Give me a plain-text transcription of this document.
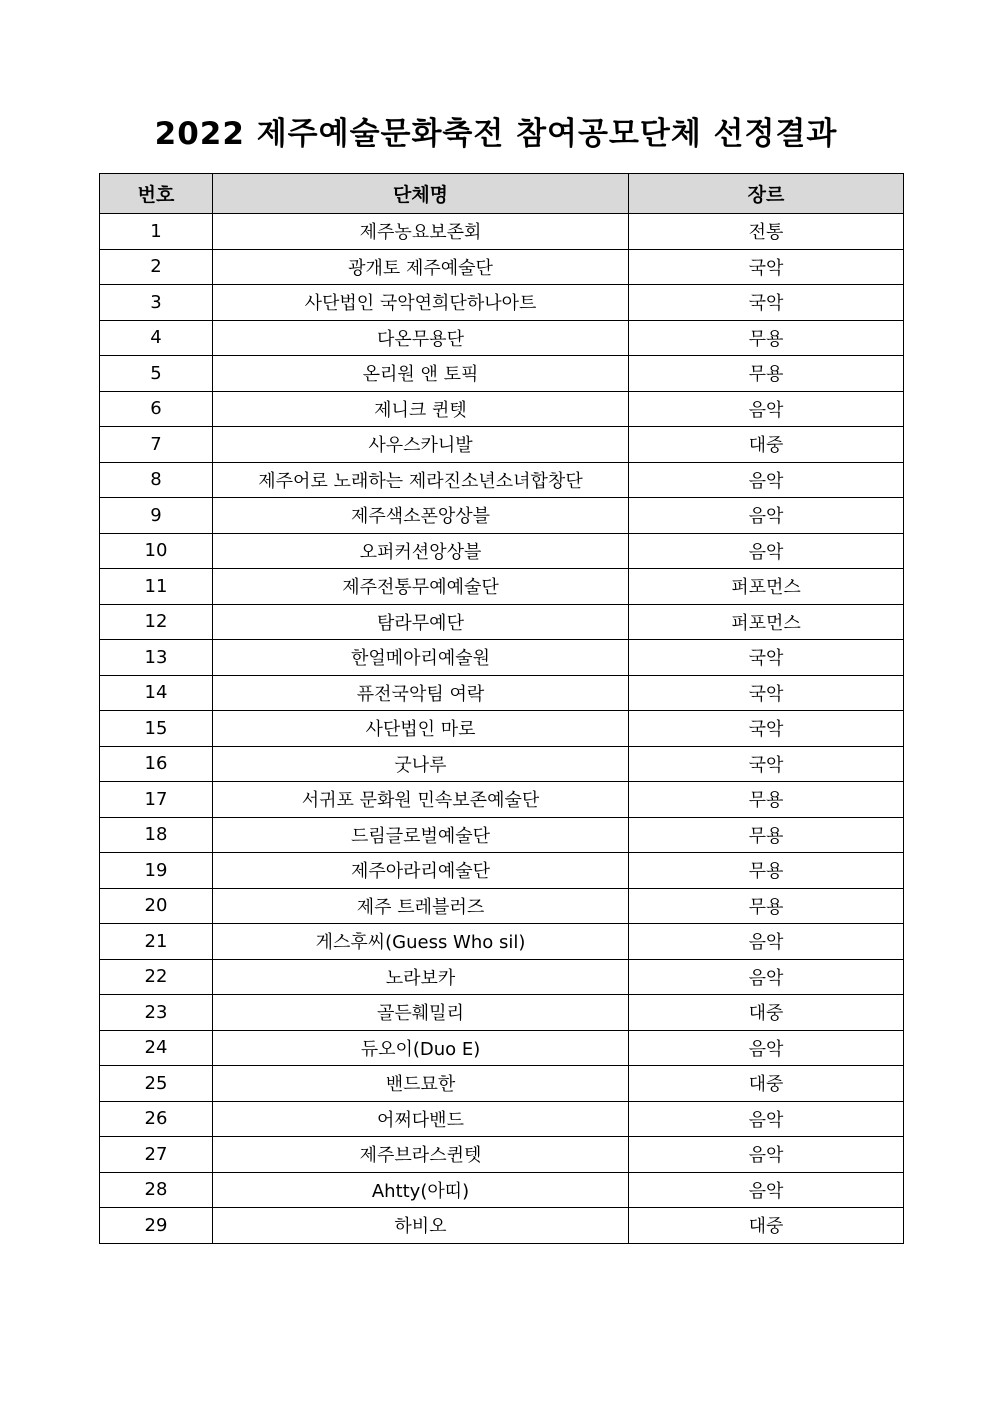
2022 제주예술문화축전 참여공모단체 선정결과
번호	단체명	장르
1	제주농요보존회	전통
2	광개토 제주예술단	국악
3	사단법인 국악연희단하나아트	국악
4	다온무용단	무용
5	온리원 앤 토픽	무용
6	제니크 퀸텟	음악
7	사우스카니발	대중
8	제주어로 노래하는 제라진소년소녀합창단	음악
9	제주색소폰앙상블	음악
10	오퍼커션앙상블	음악
11	제주전통무예예술단	퍼포먼스
12	탐라무예단	퍼포먼스
13	한얼메아리예술원	국악
14	퓨전국악팀 여락	국악
15	사단법인 마로	국악
16	굿나루	국악
17	서귀포 문화원 민속보존예술단	무용
18	드림글로벌예술단	무용
19	제주아라리예술단	무용
20	제주 트레블러즈	무용
21	게스후씨(Guess Who sil)	음악
22	노라보카	음악
23	골든훼밀리	대중
24	듀오이(Duo E)	음악
25	밴드묘한	대중
26	어쩌다밴드	음악
27	제주브라스퀸텟	음악
28	Ahtty(아띠)	음악
29	하비오	대중
